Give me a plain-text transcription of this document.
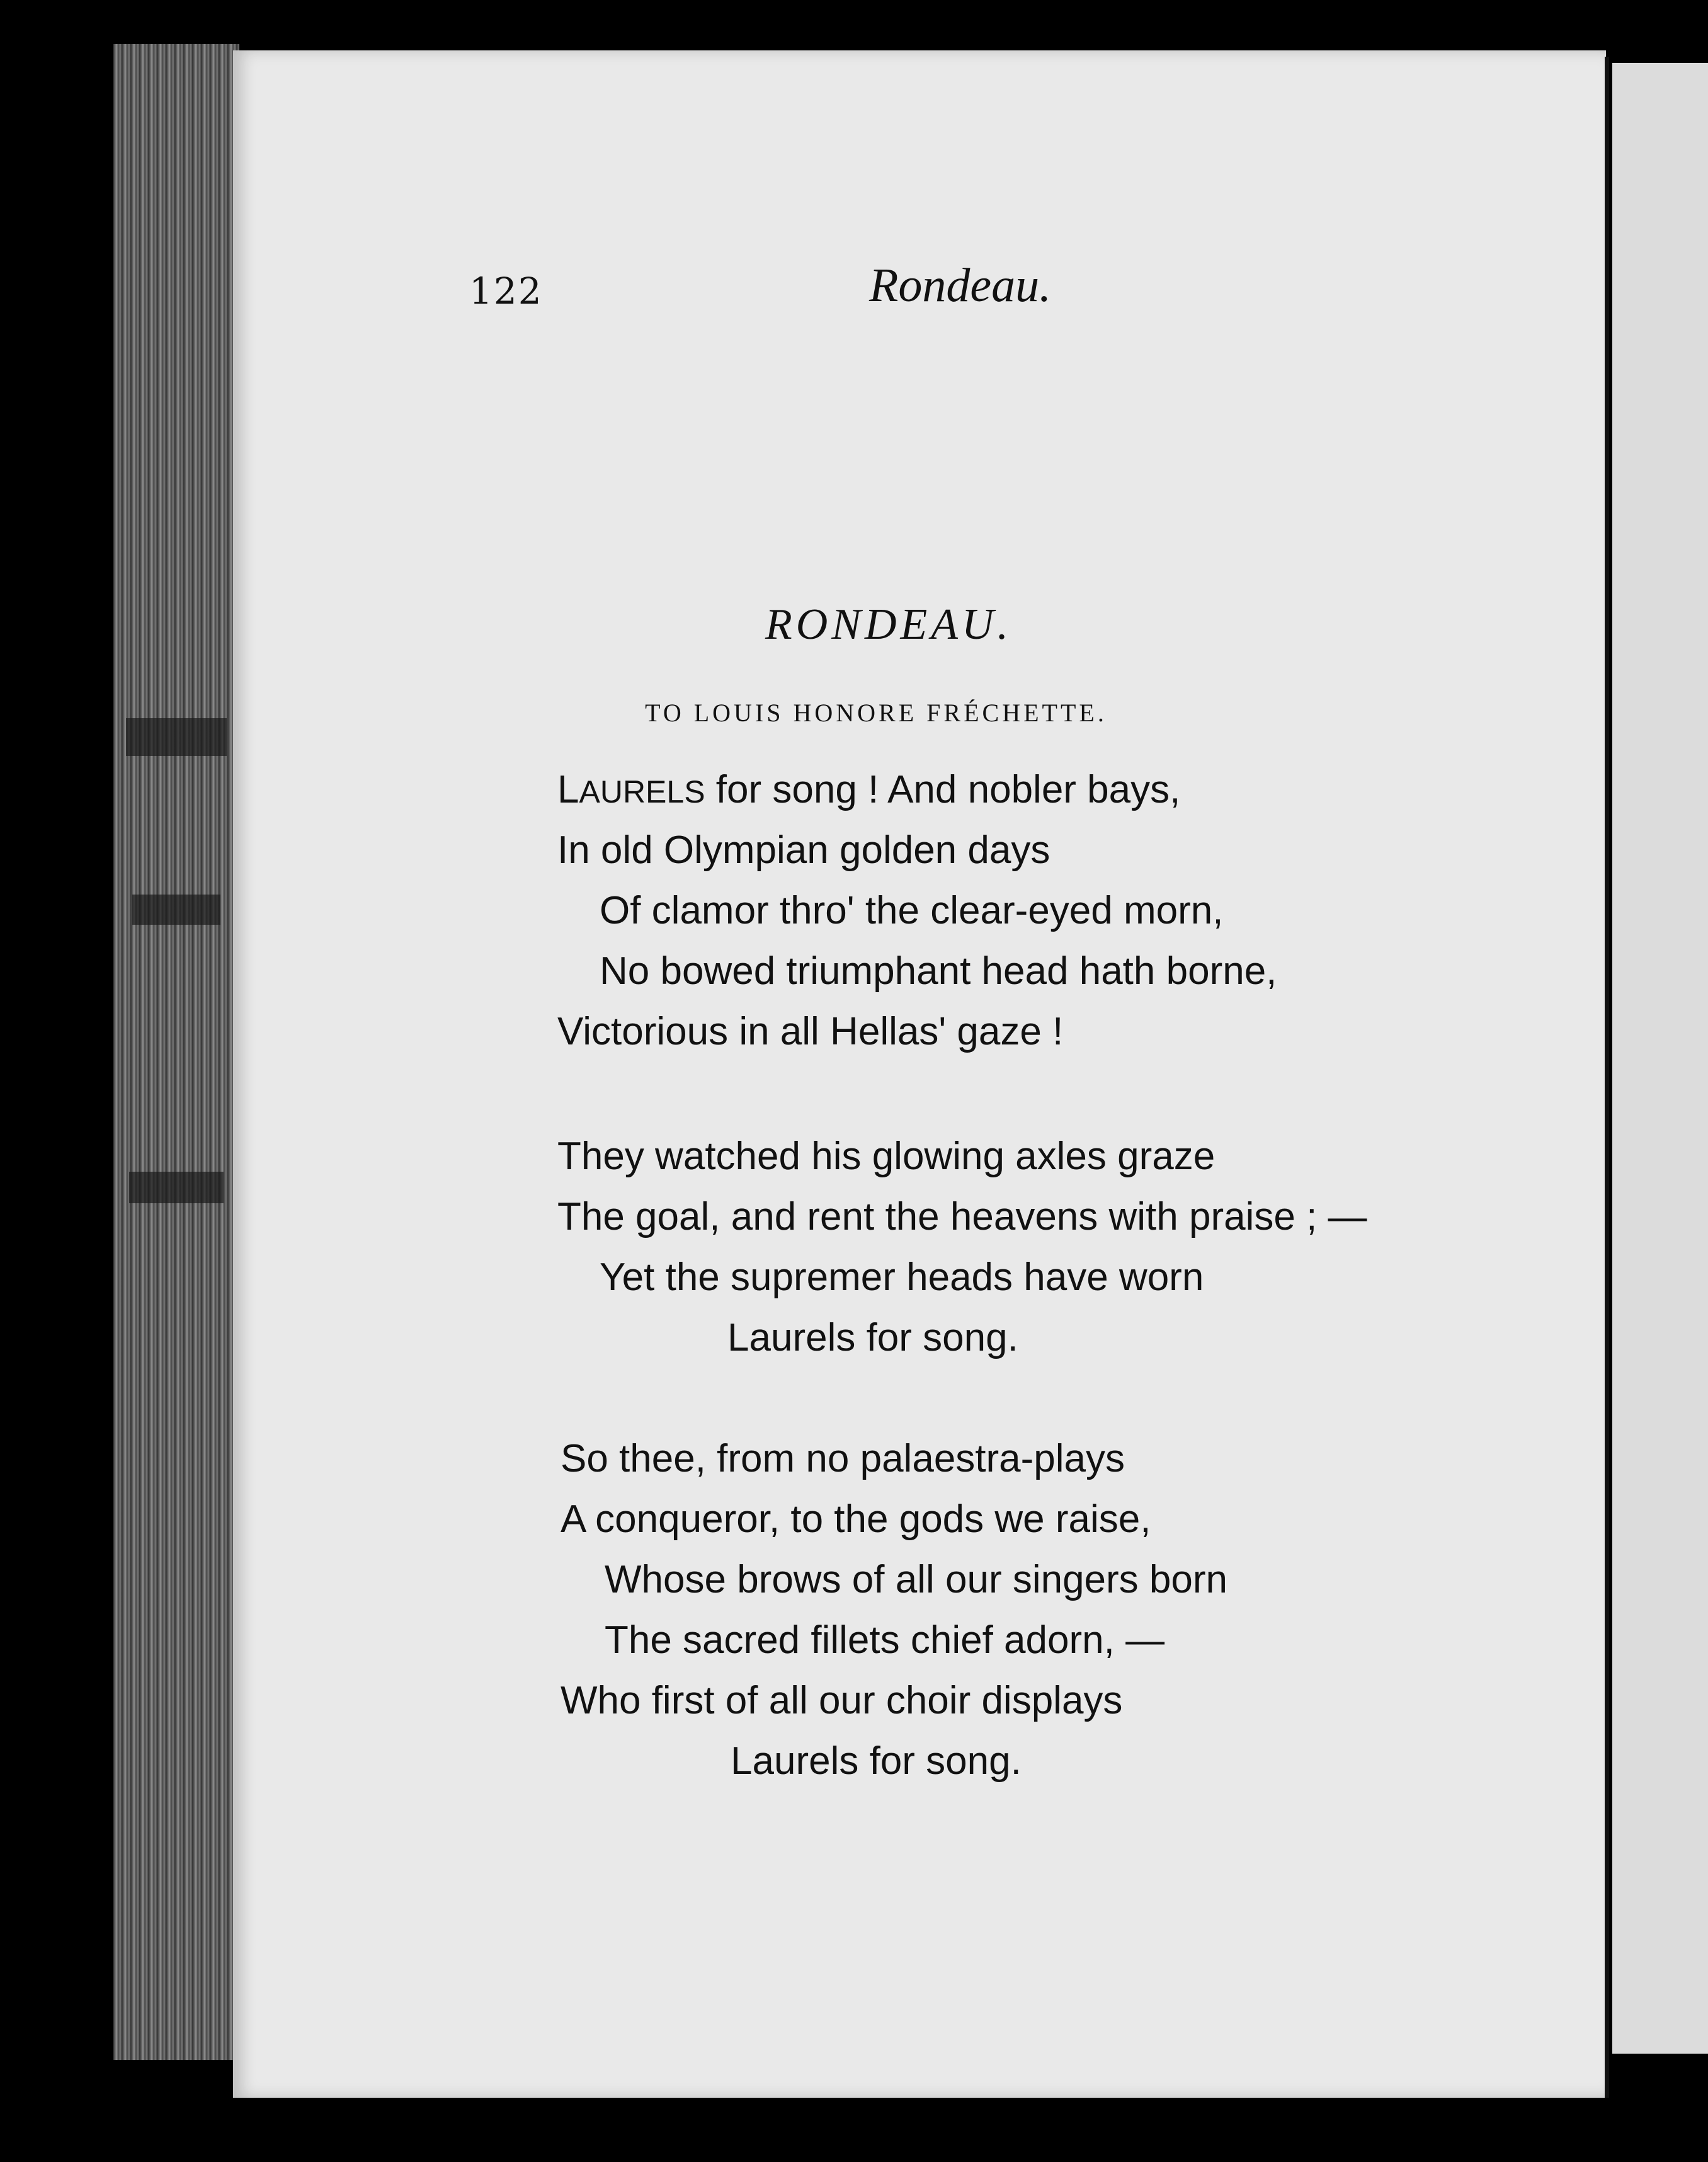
122	Rondeau.
RONDEAU.
TO LOUIS HONORE FRÉCHETTE.
LAURELS for song ! And nobler bays,
In old Olympian golden days
Of clamor thro' the clear-eyed morn,
No bowed triumphant head hath borne,
Victorious in all Hellas' gaze !
They watched his glowing axles graze
The goal, and rent the heavens with praise ; —
Yet the supremer heads have worn
Laurels for song.
So thee, from no palaestra-plays
A conqueror, to the gods we raise,
Whose brows of all our singers born
The sacred fillets chief adorn, —
Who first of all our choir displays
Laurels for song.
